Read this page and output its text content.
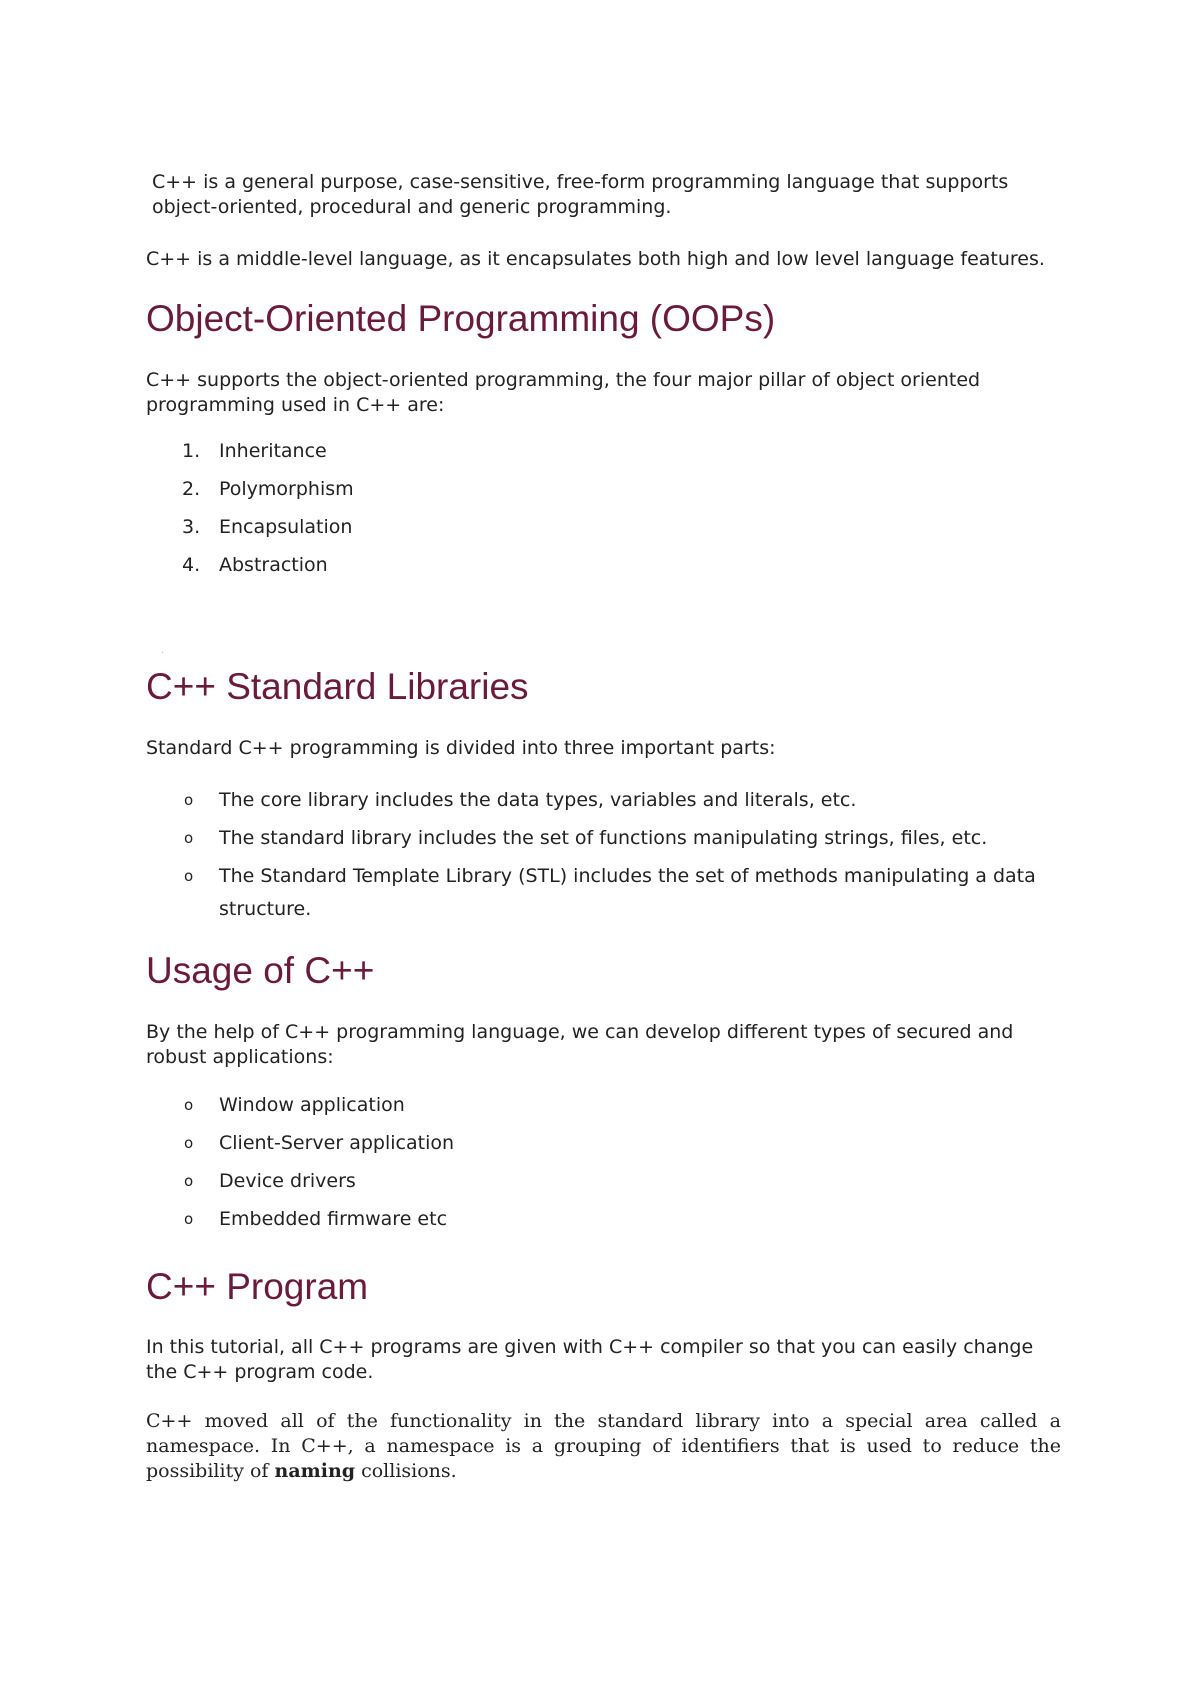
C++ is a general purpose, case-sensitive, free-form programming language that supports object-oriented, procedural and generic programming.

C++ is a middle-level language, as it encapsulates both high and low level language features.

Object-Oriented Programming (OOPs)

C++ supports the object-oriented programming, the four major pillar of object oriented programming used in C++ are:

1. Inheritance
2. Polymorphism
3. Encapsulation
4. Abstraction
C++ Standard Libraries

Standard C++ programming is divided into three important parts:

o The core library includes the data types, variables and literals, etc.
o The standard library includes the set of functions manipulating strings, files, etc.
o The Standard Template Library (STL) includes the set of methods manipulating a data structure.
Usage of C++

By the help of C++ programming language, we can develop different types of secured and robust applications:

o Window application
o Client-Server application
o Device drivers
o Embedded firmware etc
C++ Program

In this tutorial, all C++ programs are given with C++ compiler so that you can easily change the C++ program code.

C++ moved all of the functionality in the standard library into a special area called a namespace. In C++, a namespace is a grouping of identifiers that is used to reduce the possibility of naming collisions.
